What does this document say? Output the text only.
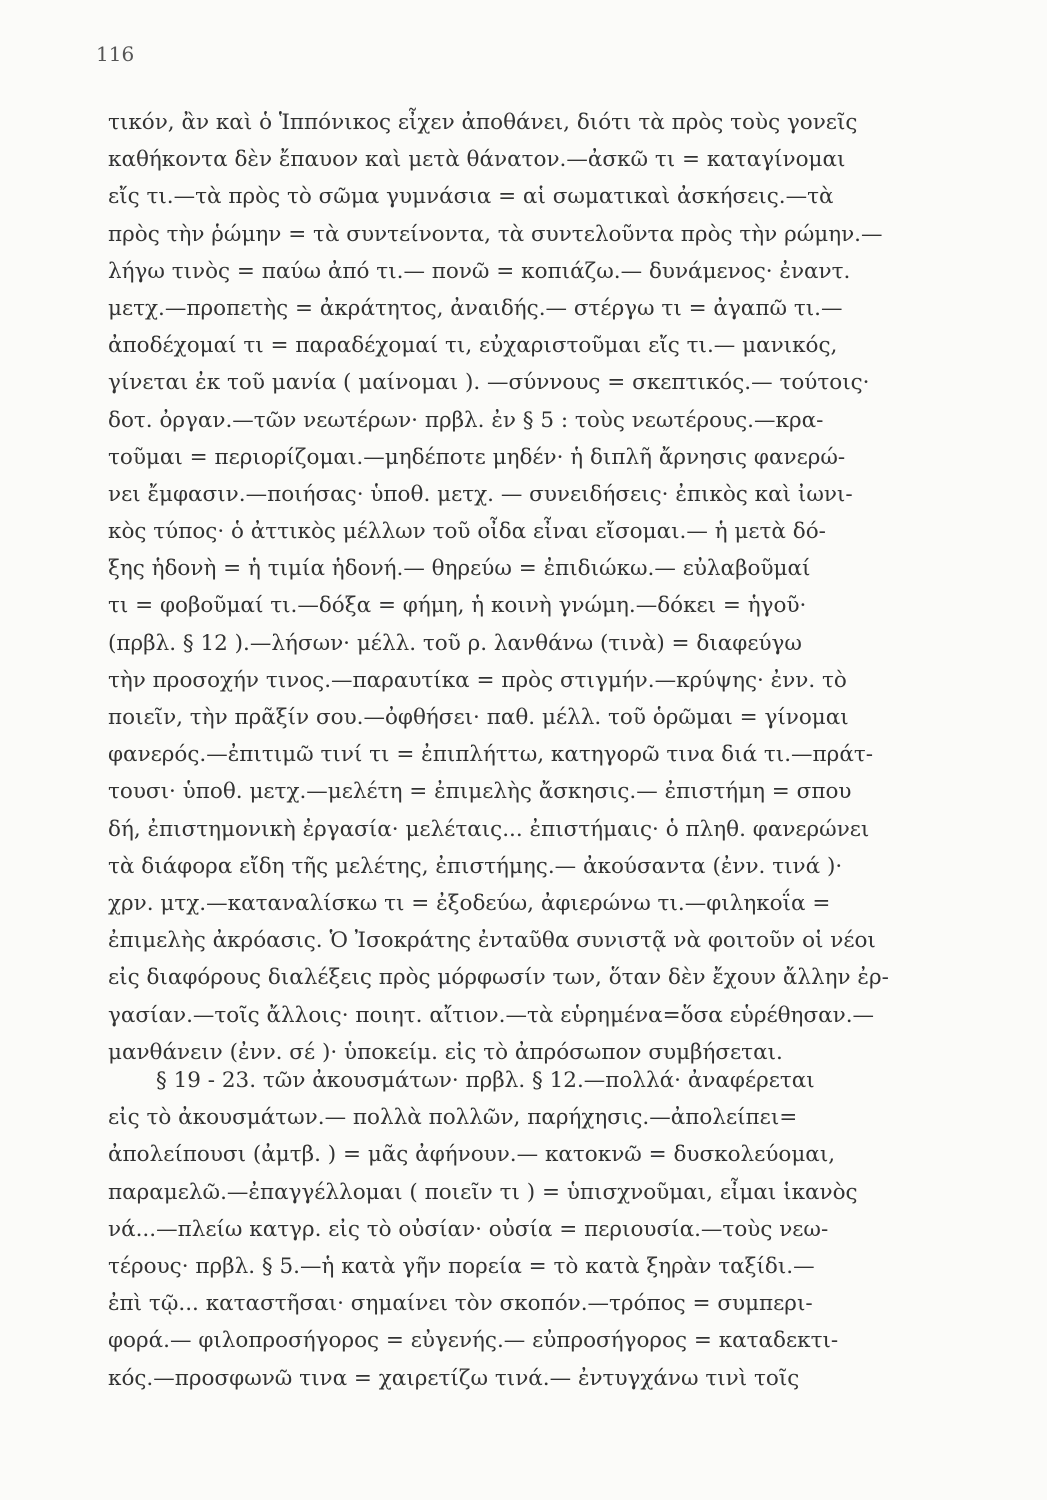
116
τικόν, ἂν καὶ ὁ Ἱππόνικος εἶχεν ἀποθάνει, διότι τὰ πρὸς τοὺς γονεῖς
καθήκοντα δὲν ἔπαυον καὶ μετὰ θάνατον.—ἀσκῶ τι = καταγίνομαι
εἴς τι.—τὰ πρὸς τὸ σῶμα γυμνάσια = αἱ σωματικαὶ ἀσκήσεις.—τὰ
πρὸς τὴν ῥώμην = τὰ συντείνοντα, τὰ συντελοῦντα πρὸς τὴν ρώμην.—
λήγω τινὸς = παύω ἀπό τι.— πονῶ = κοπιάζω.— δυνάμενος· ἐναντ.
μετχ.—προπετὴς = ἀκράτητος, ἀναιδής.— στέργω τι = ἀγαπῶ τι.—
ἀποδέχομαί τι = παραδέχομαί τι, εὐχαριστοῦμαι εἴς τι.— μανικός,
γίνεται ἐκ τοῦ μανία ( μαίνομαι ). —σύννους = σκεπτικός.— τούτοις·
δοτ. ὀργαν.—τῶν νεωτέρων· πρβλ. ἐν § 5 : τοὺς νεωτέρους.—κρα-
τοῦμαι = περιορίζομαι.—μηδέποτε μηδέν· ἡ διπλῆ ἄρνησις φανερώ-
νει ἔμφασιν.—ποιήσας· ὑποθ. μετχ. — συνειδήσεις· ἐπικὸς καὶ ἰωνι-
κὸς τύπος· ὁ ἀττικὸς μέλλων τοῦ οἶδα εἶναι εἴσομαι.— ἡ μετὰ δό-
ξης ἡδονὴ = ἡ τιμία ἡδονή.— θηρεύω = ἐπιδιώκω.— εὐλαβοῦμαί
τι = φοβοῦμαί τι.—δόξα = φήμη, ἡ κοινὴ γνώμη.—δόκει = ἡγοῦ·
(πρβλ. § 12 ).—λήσων· μέλλ. τοῦ ρ. λανθάνω (τινὰ) = διαφεύγω
τὴν προσοχήν τινος.—παραυτίκα = πρὸς στιγμήν.—κρύψης· ἐνν. τὸ
ποιεῖν, τὴν πρᾶξίν σου.—ὀφθήσει· παθ. μέλλ. τοῦ ὁρῶμαι = γίνομαι
φανερός.—ἐπιτιμῶ τινί τι = ἐπιπλήττω, κατηγορῶ τινα διά τι.—πράτ-
τουσι· ὑποθ. μετχ.—μελέτη = ἐπιμελὴς ἄσκησις.— ἐπιστήμη = σπου
δή, ἐπιστημονικὴ ἐργασία· μελέταις... ἐπιστήμαις· ὁ πληθ. φανερώνει
τὰ διάφορα εἴδη τῆς μελέτης, ἐπιστήμης.— ἀκούσαντα (ἐνν. τινά )·
χρν. μτχ.—καταναλίσκω τι = ἐξοδεύω, ἀφιερώνω τι.—φιληκοΐα =
ἐπιμελὴς ἀκρόασις. Ὁ Ἰσοκράτης ἐνταῦθα συνιστᾷ νὰ φοιτοῦν οἱ νέοι
εἰς διαφόρους διαλέξεις πρὸς μόρφωσίν των, ὅταν δὲν ἔχουν ἄλλην ἐρ-
γασίαν.—τοῖς ἄλλοις· ποιητ. αἴτιον.—τὰ εὑρημένα=ὅσα εὑρέθησαν.—
μανθάνειν (ἐνν. σέ )· ὑποκείμ. εἰς τὸ ἀπρόσωπον συμβήσεται.
§ 19 - 23. τῶν ἀκουσμάτων· πρβλ. § 12.—πολλά· ἀναφέρεται
εἰς τὸ ἀκουσμάτων.— πολλὰ πολλῶν, παρήχησις.—ἀπολείπει=
ἀπολείπουσι (ἀμτβ. ) = μᾶς ἀφήνουν.— κατοκνῶ = δυσκολεύομαι,
παραμελῶ.—ἐπαγγέλλομαι ( ποιεῖν τι ) = ὑπισχνοῦμαι, εἶμαι ἱκανὸς
νά...—πλείω κατγρ. εἰς τὸ οὐσίαν· οὐσία = περιουσία.—τοὺς νεω-
τέρους· πρβλ. § 5.—ἡ κατὰ γῆν πορεία = τὸ κατὰ ξηρὰν ταξίδι.—
ἐπὶ τῷ... καταστῆσαι· σημαίνει τὸν σκοπόν.—τρόπος = συμπερι-
φορά.— φιλοπροσήγορος = εὐγενής.— εὐπροσήγορος = καταδεκτι-
κός.—προσφωνῶ τινα = χαιρετίζω τινά.— ἐντυγχάνω τινὶ τοῖς
